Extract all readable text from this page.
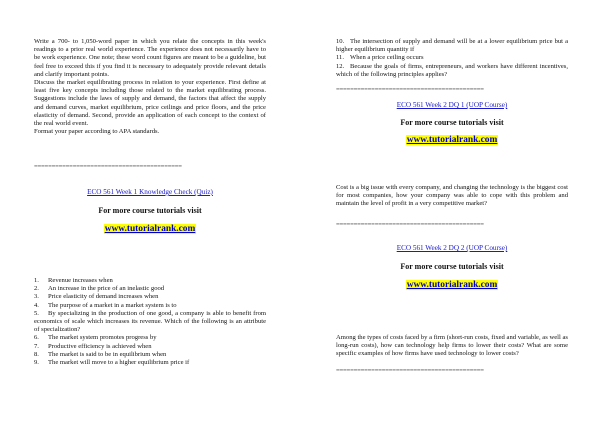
Write a 700- to 1,050-word paper in which you relate the concepts in this week's readings to a prior real world experience. The experience does not necessarily have to be work experience. One note; these word count figures are meant to be a guideline, but feel free to exceed this if you find it is necessary to adequately provide relevant details and clarify important points.

Discuss the market equilibrating process in relation to your experience. First define at least five key concepts including those related to the market equilibrating process. Suggestions include the laws of supply and demand, the factors that affect the supply and demand curves, market equilibrium, price ceilings and price floors, and the price elasticity of demand. Second, provide an application of each concept to the context of the real world event.

Format your paper according to APA standards.

==========================================
ECO 561 Week 1 Knowledge Check (Quiz)
For more course tutorials visit
www.tutorialrank.com
1. Revenue increases when
2. An increase in the price of an inelastic good
3. Price elasticity of demand increases when
4. The purpose of a market in a market system is to
5. By specializing in the production of one good, a company is able to benefit from economics of scale which increases its revenue. Which of the following is an attribute of specialization?
6. The market system promotes progress by
7. Productive efficiency is achieved when
8. The market is said to be in equilibrium when
9. The market will move to a higher equilibrium price if
10. The intersection of supply and demand will be at a lower equilibrium price but a higher equilibrium quantity if
11. When a price ceiling occurs
12. Because the goals of firms, entrepreneurs, and workers have different incentives, which of the following principles applies?
==========================================
ECO 561 Week 2 DQ 1 (UOP Course)
For more course tutorials visit
www.tutorialrank.com
Cost is a big issue with every company, and changing the technology is the biggest cost for most companies, how your company was able to cope with this problem and maintain the level of profit in a very competitive market?
==========================================
ECO 561 Week 2 DQ 2 (UOP Course)
For more course tutorials visit
www.tutorialrank.com
Among the types of costs faced by a firm (short-run costs, fixed and variable, as well as long-run costs), how can technology help firms to lower their costs? What are some specific examples of how firms have used technology to lower costs?
==========================================
